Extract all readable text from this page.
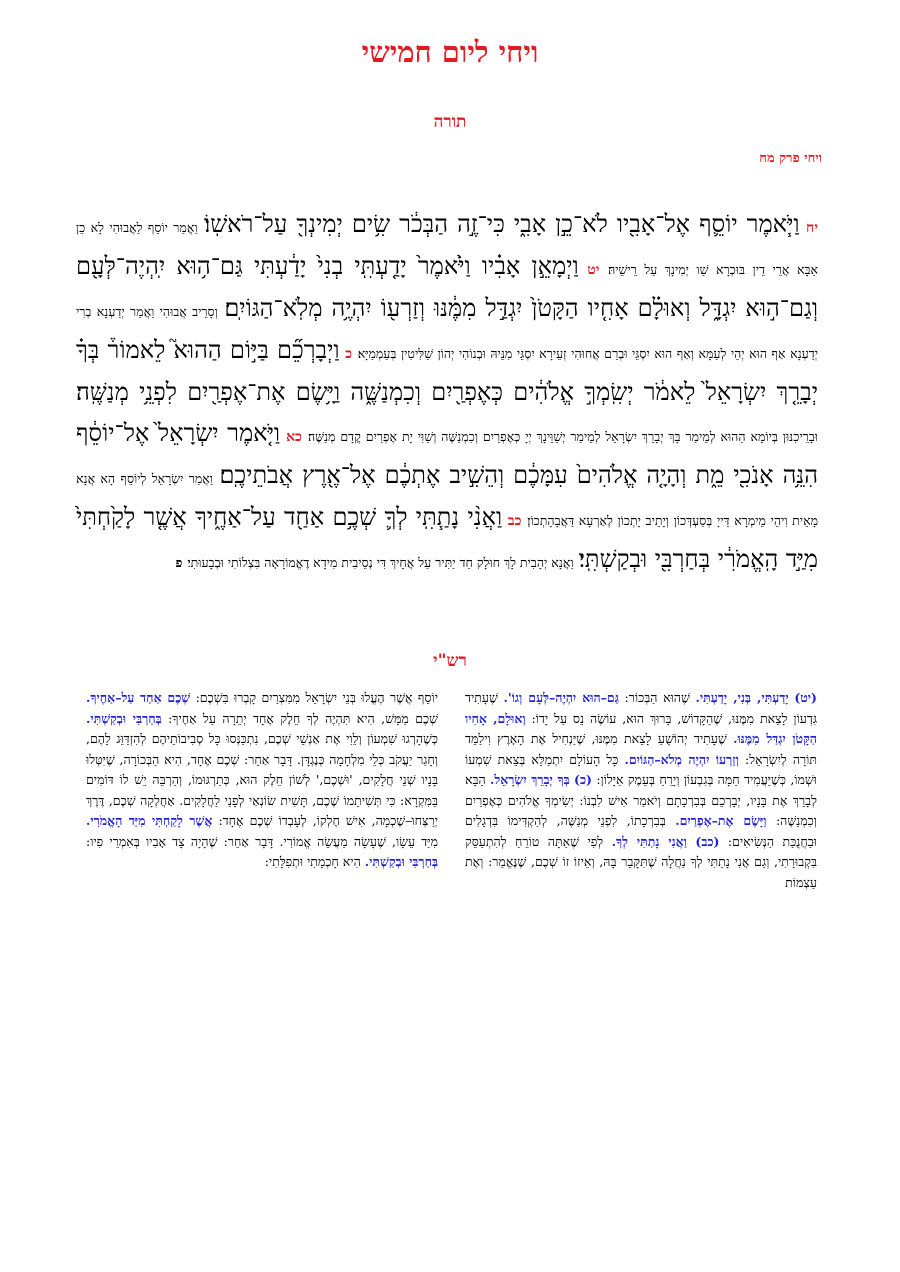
ויחי ליום חמישי
תורה
ויחי פרק מח
יח וַיֹּ֧אמֶר יוֹסֵ֛ף אֶל־אָבִ֖יו לֹא־כֵ֣ן אָבִ֑י כִּי־זֶ֣ה הַבְּכֹ֔ר שִׂ֥ים יְמִינְךָ֖ עַל־רֹאשֽׁוֹ׃ וַאֲמַר יוֹסֵף לַאֲבוּהִי לָא כֵן אַבָּא אֲרֵי דֵין בּוּכְרָא שַׁו יְמִינָךְ עַל רֵישֵׁיהּ׃ יט וַיְמָאֵ֣ן אָבִ֗יו וַיֹּ֙אמֶר֙ יָדַ֤עְתִּֽי בְנִי֙ יָדַ֔עְתִּי גַּם־ה֥וּא יִֽהְיֶה־לְּעָ֖ם וְגַם־ה֣וּא יִגְדָּ֑ל וְאוּלָ֗ם אָחִ֤יו הַקָּטֹן֙ יִגְדַּ֣ל מִמֶּ֔נּוּ וְזַרְע֖וֹ יִהְיֶ֥ה מְלֹֽא־הַגּוֹיִֽם׃ וְסָרֵיב אֲבוּהִי וַאֲמַר יְדַעְנָא בְרִי יְדַעְנָא אַף הוּא יְהֵי לְעַמָּא וְאַף הוּא יִסְגֵּי וּבְרַם אֲחוּהִי זְעֵירָא יִסְגֵּי מִנֵּיהּ וּבְנוֹהִי יְהוֹן שַׁלִּיטִין בְּעַמְמַיָּא׃ כ וַיְבָרְכֵ֞ם בַּיּ֣וֹם הַהוּא֮ לֵאמוֹר֒ בְּךָ֗ יְבָרֵ֤ךְ יִשְׂרָאֵל֙ לֵאמֹ֔ר יְשִֽׂמְךָ֣ אֱלֹהִ֔ים כְּאֶפְרַ֖יִם וְכִמְנַשֶּׁ֑ה וַיָּ֥שֶׂם אֶת־אֶפְרַ֖יִם לִפְנֵ֥י מְנַשֶּֽׁה׃ וּבָרֵיכִנּוּן בְּיוֹמָא הַהוּא לְמֵימַר בָּךְ יְבָרֵךְ יִשְׂרָאֵל לְמֵימַר יְשַׁוֵּינָךְ יְיָ כְּאֶפְרַיִם וְכִמְנַשֶּׁה וְשַׁוִּי יָת אֶפְרַיִם קֳדָם מְנַשֶּׁה׃ כא וַיֹּ֤אמֶר יִשְׂרָאֵל֙ אֶל־יוֹסֵ֔ף הִנֵּ֥ה אָנֹכִ֖י מֵ֑ת וְהָיָ֤ה אֱלֹהִים֙ עִמָּכֶ֔ם וְהֵשִׁ֣יב אֶתְכֶ֔ם אֶל־אֶ֖רֶץ אֲבֹתֵיכֶֽם׃ וַאֲמַר יִשְׂרָאֵל לְיוֹסֵף הָא אֲנָא מָאֵית וִיהֵי מֵימְרָא דַּייָ בְּסַעְדְּכוֹן וְיָתֵיב יָתְכוֹן לְאַרְעָא דַּאֲבָהָתְכוֹן׃ כב וַאֲנִ֨י נָתַ֧תִּֽי לְךָ֛ שְׁכֶ֥ם אַחַ֖ד עַל־אַחֶ֑יךָ אֲשֶׁ֤ר לָקַ֙חְתִּי֙ מִיַּ֣ד הָֽאֱמֹרִ֔י בְּחַרְבִּ֖י וּבְקַשְׁתִּֽי׃ וַאֲנָא יְהָבִית לָךְ חוּלָק חַד יַתִּיר עַל אֲחָיךְ דִּי נְסֵיבִית מִידָא דֶאֱמוֹרָאָה בִּצְלוֹתִי וּבְבָעוּתִי׃ פ
רש"י
(יט) יָדַעְתִּי, בְּנִי, יָדַעְתִּי. שֶׁהוּא הַבְּכוֹר: גַּם–הוּא יִהְיֶה–לְּעָם וְגוֹ'. שֶׁעָתִיד גִּדְעוֹן לָצֵאת מִמֶּנּוּ, שֶׁהַקָּדוֹשׁ, בָּרוּךְ הוּא, עוֹשֶׂה נֵס עַל יָדוֹ: וְאוּלָם, אָחִיו הַקָּטֹן יִגְדַּל מִמֶּנּוּ. שֶׁעָתִיד יְהוֹשֻׁעַ לָצֵאת מִמֶּנּוּ, שֶׁיַּנְחִיל אֶת הָאָרֶץ וִילַמֵּד תּוֹרָה לְיִשְׂרָאֵל: וְזַרְעוֹ יִהְיֶה מְלֹא–הַגּוֹיִם. כָּל הָעוֹלָם יִתְמַלֵּא בְּצֵאת שִׁמְעוֹ וּשְׁמוֹ, כְּשֶׁיַּעֲמִיד חַמָּה בְּגִבְעוֹן וְיָרֵחַ בְּעֵמֶק אַיָּלוֹן: (כ) בְּךָ יְבָרֵךְ יִשְׂרָאֵל. הַבָּא לְבָרֵךְ אֶת בָּנָיו, יְבָרְכֵם בְּבִרְכָתָם וְיֹאמַר אִישׁ לִבְנוֹ: יְשִׂימְךָ אֱלֹהִים כְּאֶפְרַיִם וְכִמְנַשֶּׁה: וַיָּשֶׂם אֶת–אֶפְרַיִם. בְּבִרְכָתוֹ, לִפְנֵי מְנַשֶּׁה, לְהַקְדִּימוֹ בִּדְגָלִים וּבַחֲנֻכַּת הַנְּשִׂיאִים: (כב) וַאֲנִי נָתַתִּי לְךָ. לְפִי שֶׁאַתָּה טוֹרֵחַ לְהִתְעַסֵּק בִּקְבוּרָתִי, וְגַם אֲנִי נָתַתִּי לְךָ נַחֲלָה שֶׁתִּקָּבֵר בָּהּ, וְאֵיזוֹ זוֹ שְׁכֶם, שֶׁנֶּאֱמַר: וְאֶת עַצְמוֹת
יוֹסֵף אֲשֶׁר הֶעֱלוּ בְּנֵי יִשְׂרָאֵל מִמִּצְרַיִם קָבְרוּ בִּשְׁכֶם: שְׁכֶם אַחַד עַל–אַחֶיךָ. שְׁכֶם מַמָּשׁ, הִיא תִּהְיֶה לְךָ חֵלֶק אֶחָד יְתֵרָה עַל אַחֶיךָ: בְּחַרְבִּי וּבְקַשְׁתִּי. כְּשֶׁהָרְגוּ שִׁמְעוֹן וְלֵוִי אֶת אַנְשֵׁי שְׁכֶם, נִתְכַּנְּסוּ כָּל סְבִיבוֹתֵיהֶם לְהִזְדַּוֵּג לָהֶם, וְחָגַר יַעֲקֹב כְּלֵי מִלְחָמָה כְּנֶגְדָּן. דָּבָר אַחֵר: שְׁכֶם אֶחָד, הִיא הַבְּכוֹרָה, שֶׁיִּטְּלוּ בָּנָיו שְׁנֵי חֲלָקִים, 'וּשְׁכֶם,' לְשׁוֹן חֵלֶק הוּא, כְּתַרְגּוּמוֹ, וְהַרְבֵּה יֵשׁ לוֹ דּוֹמִים בַּמִּקְרָא: כִּי תְּשִׁיתֵמוֹ שֶׁכֶם, תָּשִׁית שׂוֹנְאַי לְפָנַי לַחֲלָקִים. אַחֲלְקָה שְׁכֶם, דֶּרֶךְ יְרַצְּחוּ–שֶׁכְמָה, אִישׁ חֶלְקוֹ, לְעָבְדוֹ שְׁכֶם אֶחָד: אֲשֶׁר לָקַחְתִּי מִיַּד הָאֱמֹרִי. מִיַּד עֵשָׂו, שֶׁעָשָׂה מַעֲשֵׂה אֱמוֹרִי. דָּבָר אַחֵר: שֶׁהָיָה צָד אָבִיו בְּאִמְרֵי פִיו: בְּחַרְבִּי וּבְקַשְׁתִּי. הִיא חָכְמָתִי וּתְפִלָּתִי:
